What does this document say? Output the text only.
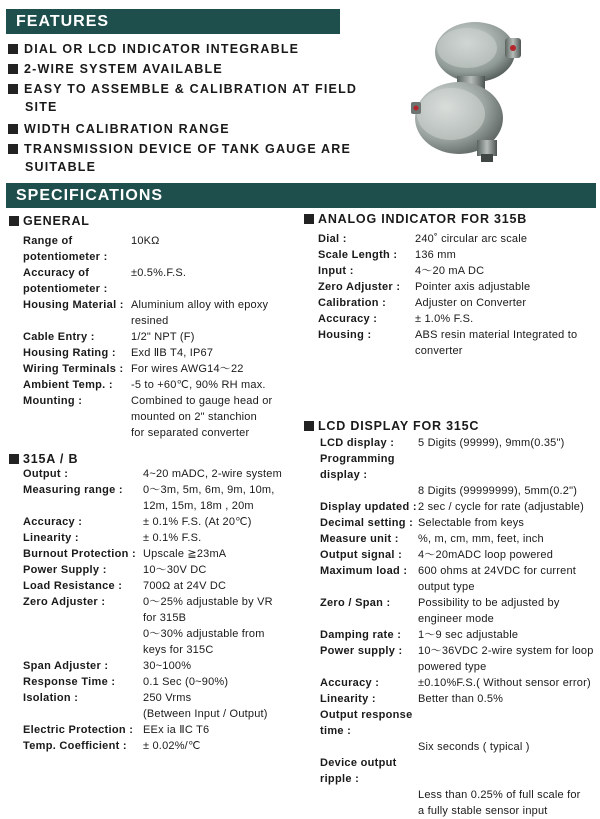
FEATURES
DIAL OR LCD INDICATOR INTEGRABLE
2-WIRE SYSTEM AVAILABLE
EASY TO ASSEMBLE & CALIBRATION AT FIELD
SITE
WIDTH CALIBRATION RANGE
TRANSMISSION DEVICE OF TANK GAUGE ARE
SUITABLE
SPECIFICATIONS
GENERAL
315A / B
ANALOG INDICATOR FOR 315B
LCD DISPLAY FOR 315C
Range of potentiometer :
10KΩ
Accuracy of potentiometer :
±0.5%.F.S.
Housing Material : Aluminium alloy with epoxy
resined
Cable Entry :	1/2" NPT (F)
Housing Rating :	Exd ⅡB T4, IP67
Wiring Terminals : For wires AWG14～22
Ambient Temp. :	-5 to +60℃, 90% RH max.
Mounting :	Combined to gauge head or
mounted on 2" stanchion
for separated converter
Output :	4~20 mADC, 2-wire system
Measuring range :	0～3m, 5m, 6m, 9m, 10m,
12m, 15m, 18m , 20m
Accuracy :	± 0.1% F.S. (At 20℃)
Linearity :	± 0.1% F.S.
Burnout Protection : Upscale ≧23mA
Power Supply :	10～30V DC
Load Resistance :	700Ω at 24V DC
Zero Adjuster :	0～25% adjustable by VR
for 315B
0～30% adjustable from
keys for 315C
Span Adjuster :	30~100%
Response Time :	0.1 Sec (0~90%)
Isolation :	250 Vrms
(Between Input / Output)
Electric Protection : EEx ia ⅡC T6
Temp. Coefficient :	± 0.02%/℃
Dial :	240˚ circular arc scale
Scale Length :	136 mm
Input :	4～20 mA DC
Zero Adjuster :	Pointer axis adjustable
Calibration :	Adjuster on Converter
Accuracy :	± 1.0% F.S.
Housing :	ABS resin material Integrated to
converter
LCD display :	5 Digits (99999), 9mm(0.35")
Programming display :
8 Digits (99999999), 5mm(0.2")
Display updated : 2 sec / cycle for rate (adjustable)
Decimal setting : Selectable from keys
Measure unit :	%, m, cm, mm, feet, inch
Output signal :	4～20mADC loop powered
Maximum load : 600 ohms at 24VDC for current
output type
Zero / Span :	Possibility to be adjusted by
engineer mode
Damping rate :	1～9 sec adjustable
Power supply :	10～36VDC 2-wire system for loop
powered type
Accuracy :	±0.10%F.S.( Without sensor error)
Linearity :	Better than 0.5%
Output response time :
Six seconds ( typical )
Device output ripple :
Less than 0.25% of full scale for
a fully stable sensor input
